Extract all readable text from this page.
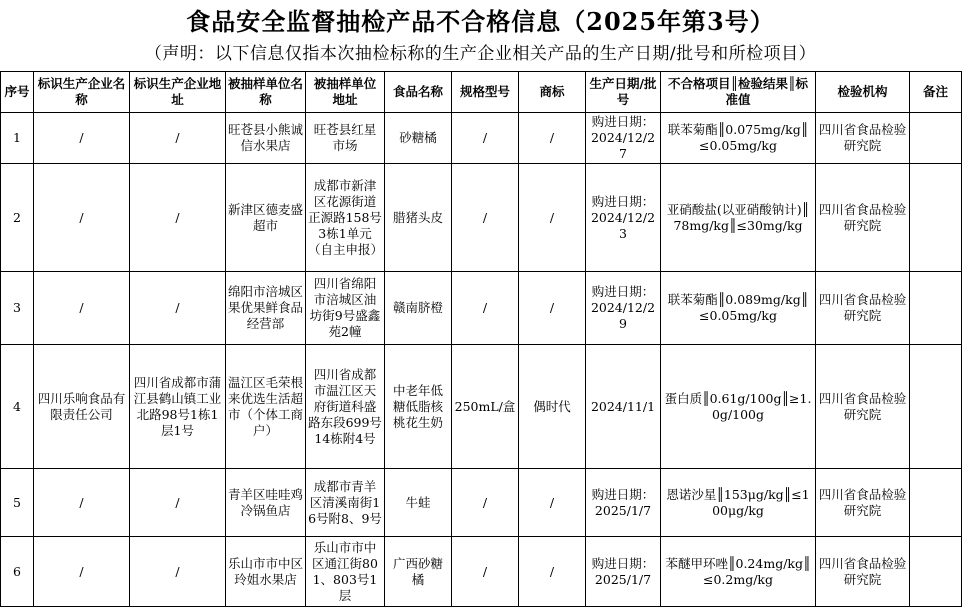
食品安全监督抽检产品不合格信息（2025年第3号）
（声明：以下信息仅指本次抽检标称的生产企业相关产品的生产日期/批号和所检项目）
序号	标识生产企业名称	标识生产企业地址	被抽样单位名称	被抽样单位地址	食品名称	规格型号	商标	生产日期/批号	不合格项目║检验结果║标准值	检验机构	备注
1	/	/	旺苍县小熊诚信水果店	旺苍县红星市场	砂糖橘	/	/	购进日期：2024/12/27	联苯菊酯║0.075mg/kg║≤0.05mg/kg	四川省食品检验研究院	
2	/	/	新津区德麦盛超市	成都市新津区花源街道正源路158号3栋1单元（自主申报）	腊猪头皮	/	/	购进日期：2024/12/23	亚硝酸盐(以亚硝酸钠计)║78mg/kg║≤30mg/kg	四川省食品检验研究院	
3	/	/	绵阳市涪城区果优果鲜食品经营部	四川省绵阳市涪城区油坊街9号盛鑫苑2幢	赣南脐橙	/	/	购进日期：2024/12/29	联苯菊酯║0.089mg/kg║≤0.05mg/kg	四川省食品检验研究院	
4	四川乐响食品有限责任公司	四川省成都市蒲江县鹤山镇工业北路98号1栋1层1号	温江区毛荣根来优选生活超市（个体工商户）	四川省成都市温江区天府街道科盛路东段699号14栋附4号	中老年低糖低脂核桃花生奶	250mL/盒	偶时代	2024/11/1	蛋白质║0.61g/100g║≥1.0g/100g	四川省食品检验研究院	
5	/	/	青羊区哇哇鸡冷锅鱼店	成都市青羊区清溪南街16号附8、9号	牛蛙	/	/	购进日期：2025/1/7	恩诺沙星║153μg/kg║≤100μg/kg	四川省食品检验研究院	
6	/	/	乐山市市中区玲姐水果店	乐山市市中区通江街801、803号1层	广西砂糖橘	/	/	购进日期：2025/1/7	苯醚甲环唑║0.24mg/kg║≤0.2mg/kg	四川省食品检验研究院	
